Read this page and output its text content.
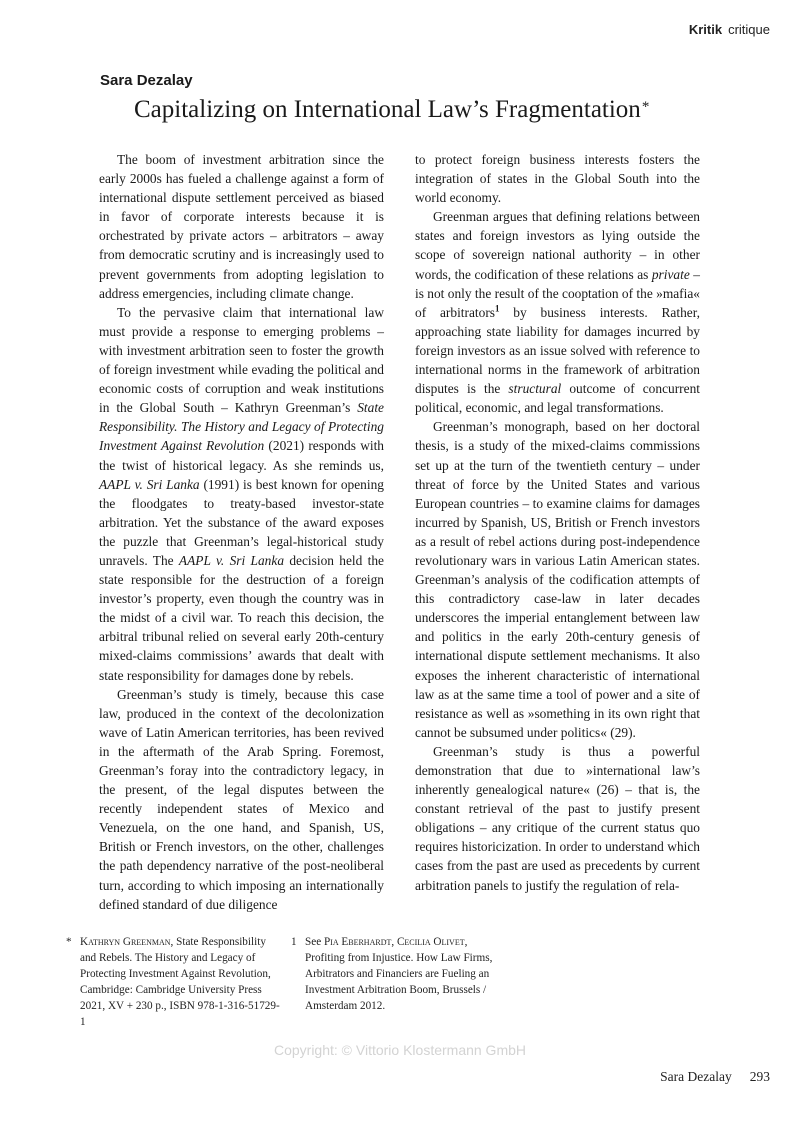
Kritik critique
Sara Dezalay
Capitalizing on International Law’s Fragmentation*

The boom of investment arbitration since the early 2000s has fueled a challenge against a form of international dispute settlement perceived as biased in favor of corporate interests because it is orchestrated by private actors – arbitrators – away from democratic scrutiny and is increasingly used to prevent governments from adopting legislation to address emergencies, including climate change.

To the pervasive claim that international law must provide a response to emerging problems – with investment arbitration seen to foster the growth of foreign investment while evading the political and economic costs of corruption and weak institutions in the Global South – Kathryn Greenman’s State Responsibility. The History and Legacy of Protecting Investment Against Revolution (2021) responds with the twist of historical legacy. As she reminds us, AAPL v. Sri Lanka (1991) is best known for opening the floodgates to treaty-based investor-state arbitration. Yet the substance of the award exposes the puzzle that Greenman’s legal-historical study unravels. The AAPL v. Sri Lanka decision held the state responsible for the destruction of a foreign investor’s property, even though the country was in the midst of a civil war. To reach this decision, the arbitral tribunal relied on several early 20th-century mixed-claims commissions’ awards that dealt with state responsibility for damages done by rebels.

Greenman’s study is timely, because this case law, produced in the context of the decolonization wave of Latin American territories, has been revived in the aftermath of the Arab Spring. Foremost, Greenman’s foray into the contradictory legacy, in the present, of the legal disputes between the recently independent states of Mexico and Venezuela, on the one hand, and Spanish, US, British or French investors, on the other, challenges the path dependency narrative of the post-neoliberal turn, according to which imposing an internationally defined standard of due diligence

to protect foreign business interests fosters the integration of states in the Global South into the world economy.

Greenman argues that defining relations between states and foreign investors as lying outside the scope of sovereign national authority – in other words, the codification of these relations as private – is not only the result of the cooptation of the »mafia« of arbitrators$^1$ by business interests. Rather, approaching state liability for damages incurred by foreign investors as an issue solved with reference to international norms in the framework of arbitration disputes is the structural outcome of concurrent political, economic, and legal transformations.

Greenman’s monograph, based on her doctoral thesis, is a study of the mixed-claims commissions set up at the turn of the twentieth century – under threat of force by the United States and various European countries – to examine claims for damages incurred by Spanish, US, British or French investors as a result of rebel actions during post-independence revolutionary wars in various Latin American states. Greenman’s analysis of the codification attempts of this contradictory case-law in later decades underscores the imperial entanglement between law and politics in the early 20th-century genesis of international dispute settlement mechanisms. It also exposes the inherent characteristic of international law as at the same time a tool of power and a site of resistance as well as »something in its own right that cannot be subsumed under politics« (29).

Greenman’s study is thus a powerful demonstration that due to »international law’s inherently genealogical nature« (26) – that is, the constant retrieval of the past to justify present obligations – any critique of the current status quo requires historicization. In order to understand which cases from the past are used as precedents by current arbitration panels to justify the regulation of rela-

* Kathryn Greenman, State Responsibility and Rebels. The History and Legacy of Protecting Investment Against Revolution, Cambridge: Cambridge University Press 2021, XV + 230 p., ISBN 978-1-316-51729-1
1 See Pia Eberhardt, Cecilia Olivet, Profiting from Injustice. How Law Firms, Arbitrators and Financiers are Fueling an Investment Arbitration Boom, Brussels / Amsterdam 2012.
Copyright: © Vittorio Klostermann GmbH
Sara Dezalay 293
